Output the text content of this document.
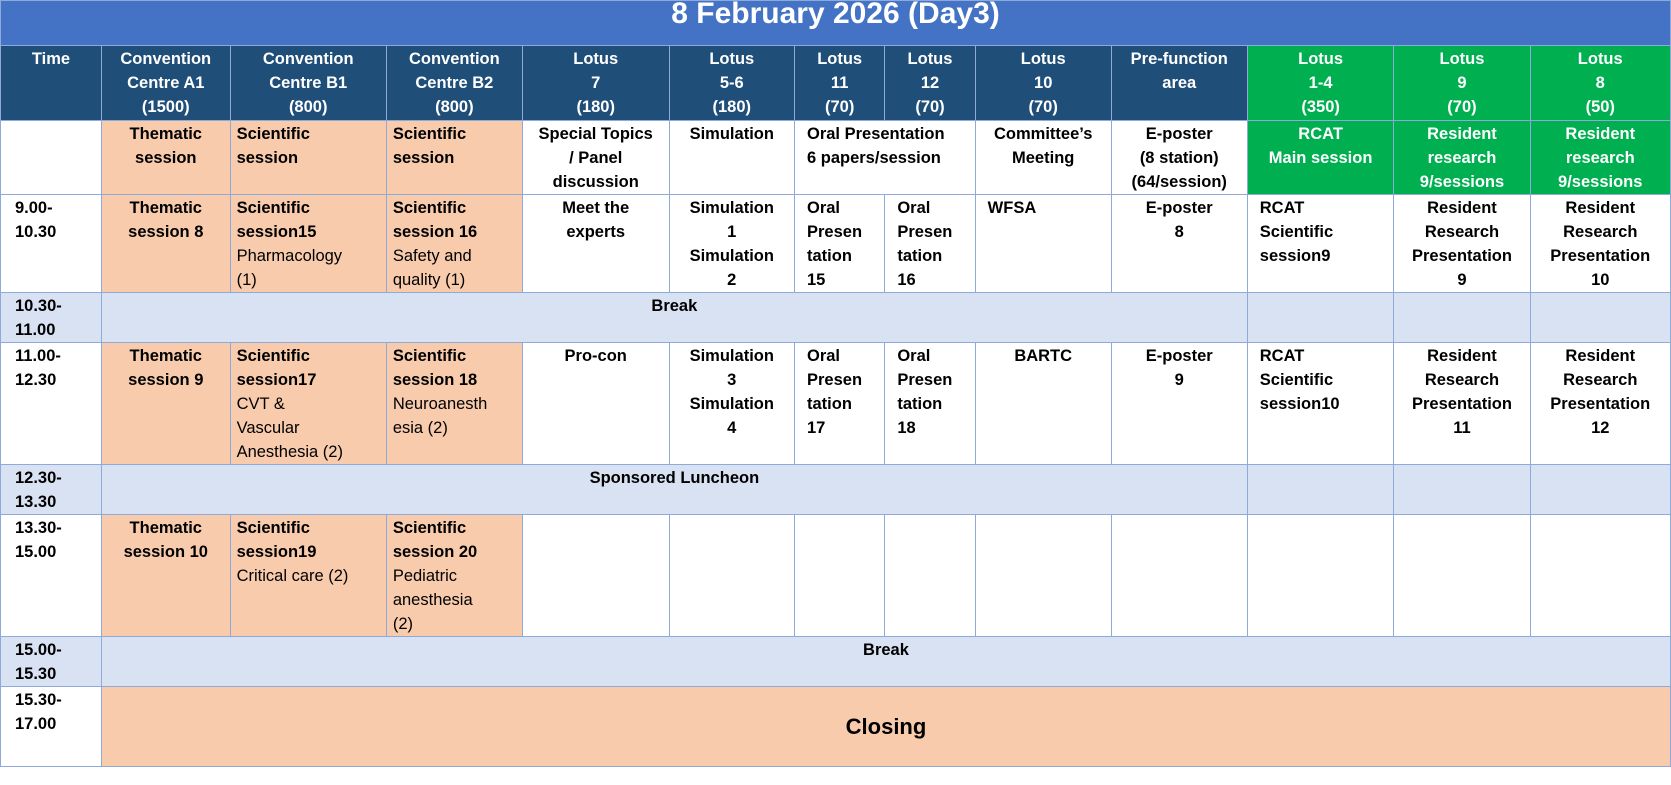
8 February 2026 (Day3)												

Time	Convention
Centre A1
(1500)	Convention
Centre B1
(800)	Convention
Centre B2
(800)	Lotus
7
(180)	Lotus
5-6
(180)	Lotus
11
(70)	Lotus
12
(70)	Lotus
10
(70)	Pre-function
area	Lotus
1-4
(350)	Lotus
9
(70)	Lotus
8
(50)

	Thematic
session	Scientific
session	Scientific
session	Special Topics
/ Panel
discussion	Simulation	Oral Presentation
6 papers/session		Committee’s
Meeting	E-poster
(8 station)
(64/session)	RCAT
Main session	Resident
research
9/sessions	Resident
research
9/sessions

9.00-
10.30	Thematic
session 8	Scientific
session15
Pharmacology
(1)	Scientific
session 16
Safety and
quality (1)	Meet the
experts	Simulation
1
Simulation
2	Oral
Presen
tation
15	Oral
Presen
tation
16	WFSA	E-poster
8	RCAT
Scientific
session9	Resident
Research
Presentation
9	Resident
Research
Presentation
10

10.30-
11.00	Break											

11.00-
12.30	Thematic
session 9	Scientific
session17
CVT &
Vascular
Anesthesia (2)	Scientific
session 18
Neuroanesth
esia (2)	Pro-con	Simulation
3
Simulation
4	Oral
Presen
tation
17	Oral
Presen
tation
18	BARTC	E-poster
9	RCAT
Scientific
session10	Resident
Research
Presentation
11	Resident
Research
Presentation
12

12.30-
13.30	Sponsored Luncheon											

13.30-
15.00	Thematic
session 10	Scientific
session19
Critical care (2)	Scientific
session 20
Pediatric
anesthesia
(2)									

15.00-
15.30	Break											

15.30-
17.00	Closing											
